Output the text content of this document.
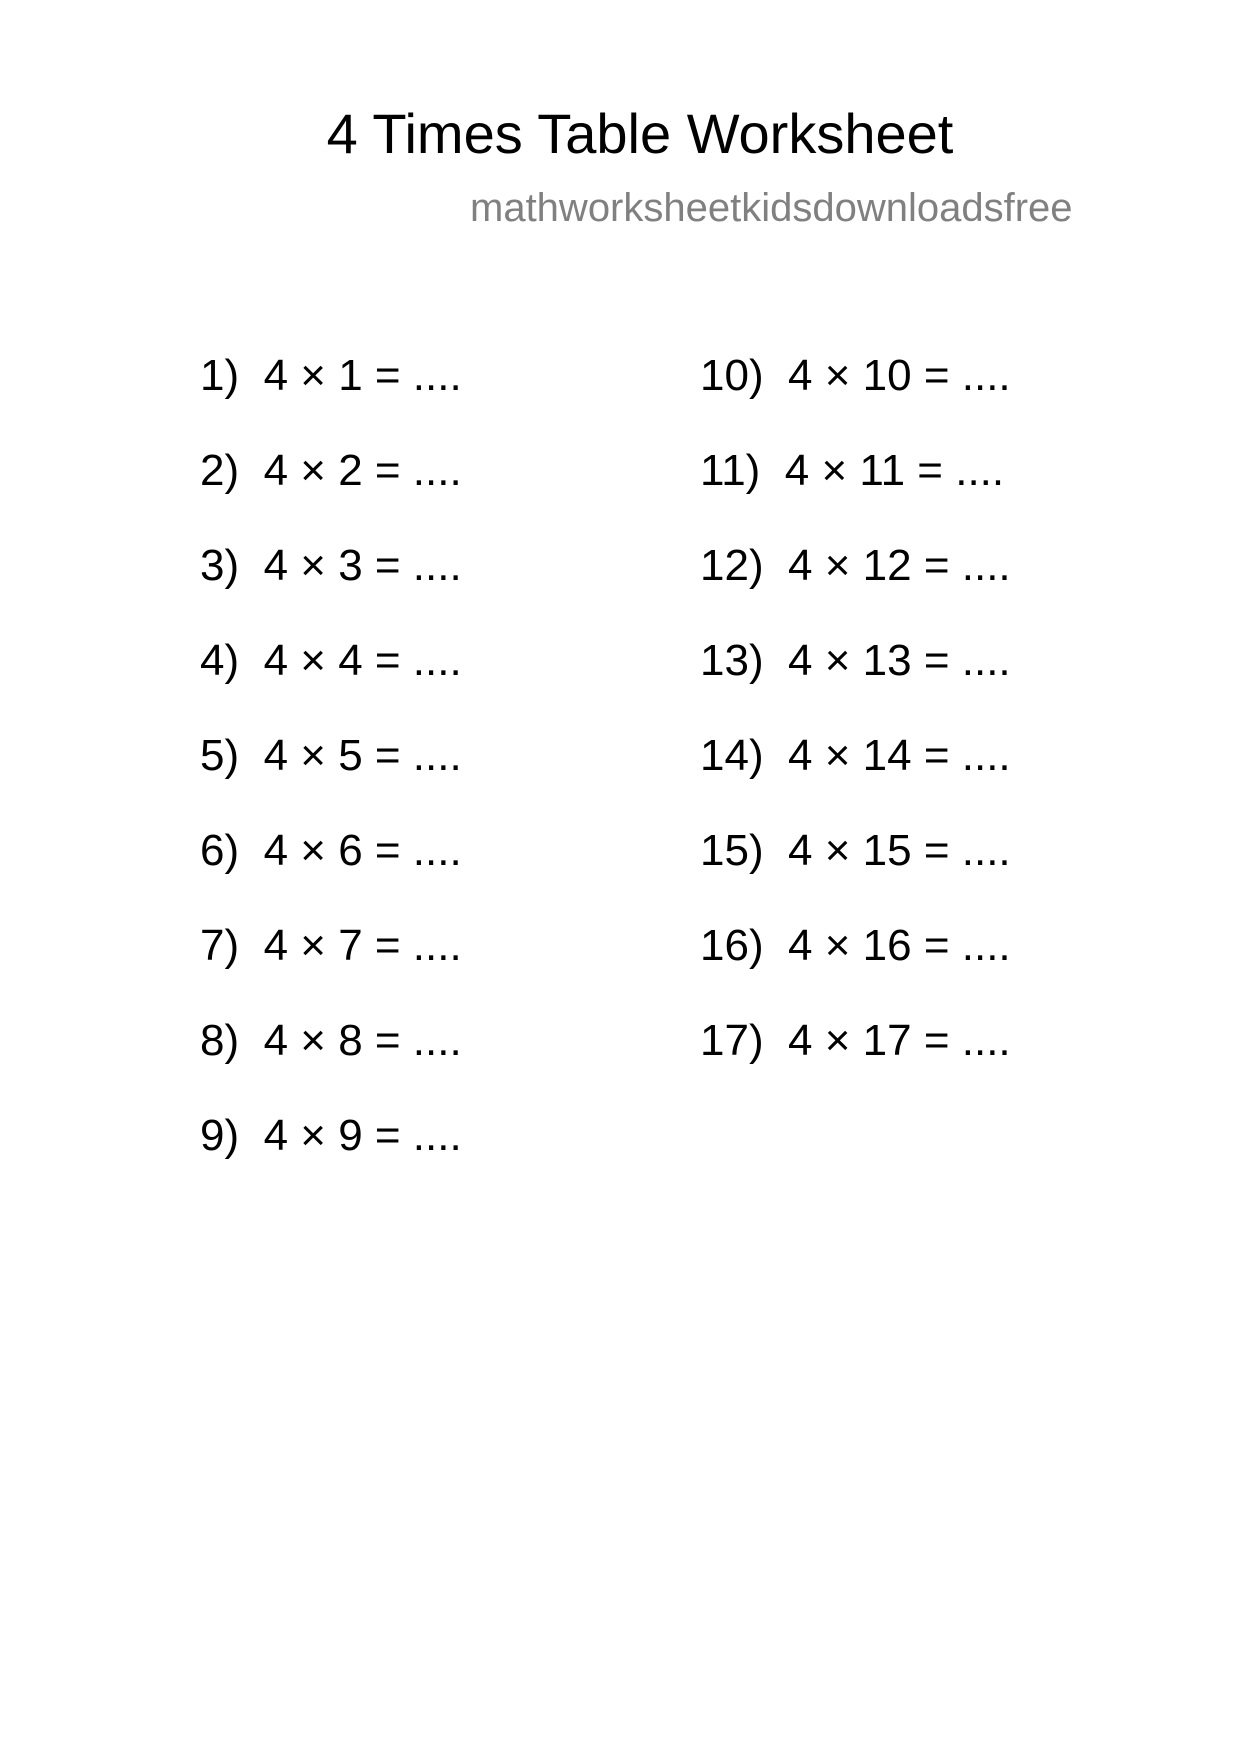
4 Times Table Worksheet
mathworksheetkidsdownloadsfree
1)  4 × 1 = ....
2)  4 × 2 = ....
3)  4 × 3 = ....
4)  4 × 4 = ....
5)  4 × 5 = ....
6)  4 × 6 = ....
7)  4 × 7 = ....
8)  4 × 8 = ....
9)  4 × 9 = ....
10)  4 × 10 = ....
11)  4 × 11 = ....
12)  4 × 12 = ....
13)  4 × 13 = ....
14)  4 × 14 = ....
15)  4 × 15 = ....
16)  4 × 16 = ....
17)  4 × 17 = ....
